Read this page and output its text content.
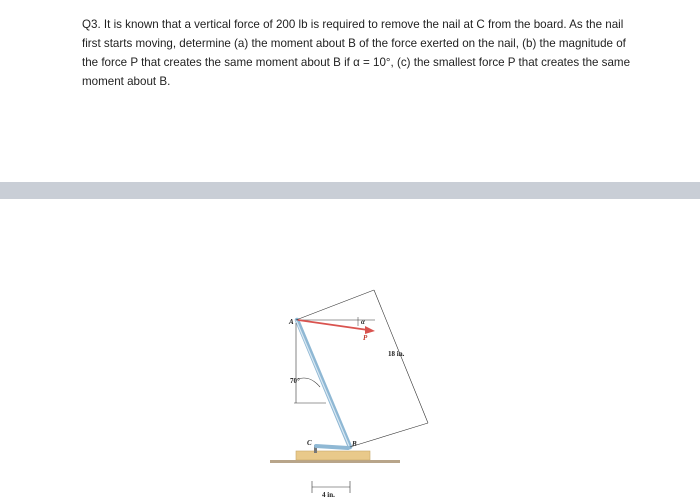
Q3. It is known that a vertical force of 200 lb is required to remove the nail at C from the board. As the nail first starts moving, determine (a) the moment about B of the force exerted on the nail, (b) the magnitude of the force P that creates the same moment about B if α = 10°, (c) the smallest force P that creates the same moment about B.
A
B
C
P
α
70°
18 in.
4 in.
